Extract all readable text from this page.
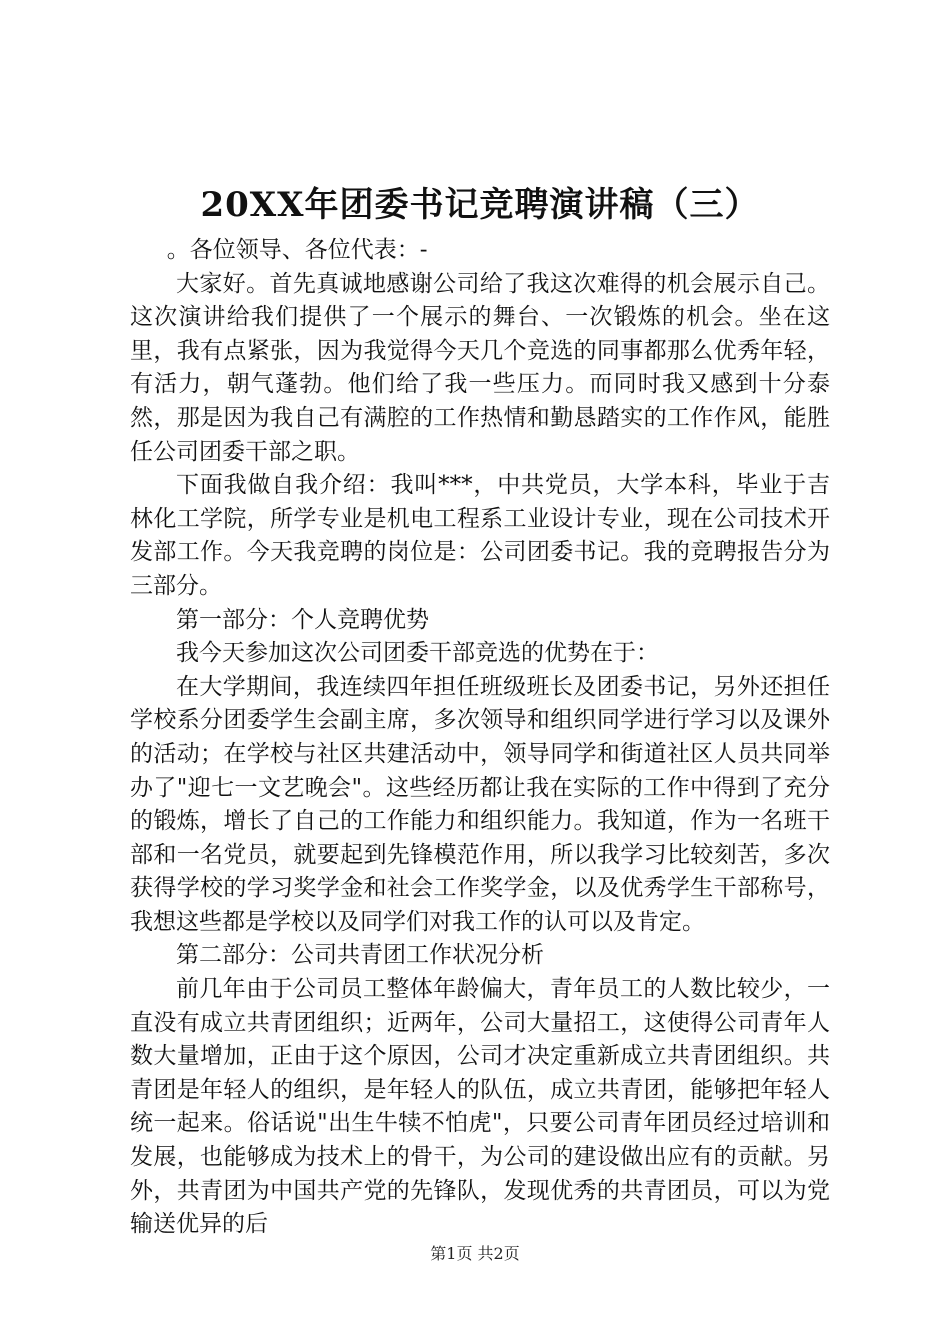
20XX年团委书记竞聘演讲稿（三）

。各位领导、各位代表：-

大家好。首先真诚地感谢公司给了我这次难得的机会展示自己。这次演讲给我们提供了一个展示的舞台、一次锻炼的机会。坐在这里，我有点紧张，因为我觉得今天几个竞选的同事都那么优秀年轻，有活力，朝气蓬勃。他们给了我一些压力。而同时我又感到十分泰然，那是因为我自己有满腔的工作热情和勤恳踏实的工作作风，能胜任公司团委干部之职。

下面我做自我介绍：我叫***，中共党员，大学本科，毕业于吉林化工学院，所学专业是机电工程系工业设计专业，现在公司技术开发部工作。今天我竞聘的岗位是：公司团委书记。我的竞聘报告分为三部分。

第一部分：个人竞聘优势

我今天参加这次公司团委干部竞选的优势在于：

在大学期间，我连续四年担任班级班长及团委书记，另外还担任学校系分团委学生会副主席，多次领导和组织同学进行学习以及课外的活动；在学校与社区共建活动中，领导同学和街道社区人员共同举办了"迎七一文艺晚会"。这些经历都让我在实际的工作中得到了充分的锻炼，增长了自己的工作能力和组织能力。我知道，作为一名班干部和一名党员，就要起到先锋模范作用，所以我学习比较刻苦，多次获得学校的学习奖学金和社会工作奖学金，以及优秀学生干部称号，我想这些都是学校以及同学们对我工作的认可以及肯定。

第二部分：公司共青团工作状况分析

前几年由于公司员工整体年龄偏大，青年员工的人数比较少，一直没有成立共青团组织；近两年，公司大量招工，这使得公司青年人数大量增加，正由于这个原因，公司才决定重新成立共青团组织。共青团是年轻人的组织，是年轻人的队伍，成立共青团，能够把年轻人统一起来。俗话说"出生牛犊不怕虎"，只要公司青年团员经过培训和发展，也能够成为技术上的骨干，为公司的建设做出应有的贡献。另外，共青团为中国共产党的先锋队，发现优秀的共青团员，可以为党输送优异的后

第1页 共2页
